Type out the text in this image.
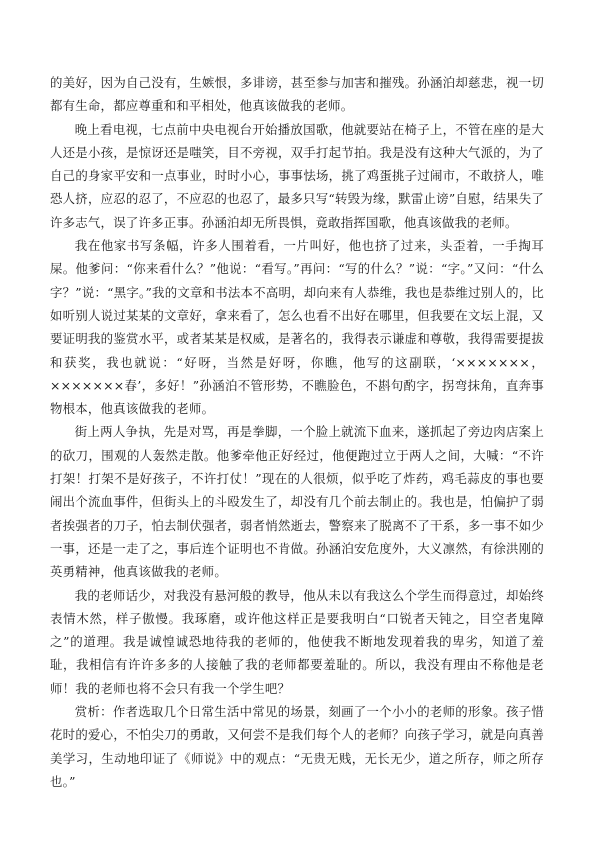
的美好，因为自己没有，生嫉恨，多诽谤，甚至参与加害和摧残。孙涵泊却慈悲，视一切都有生命，都应尊重和和平相处，他真该做我的老师。

晚上看电视，七点前中央电视台开始播放国歌，他就要站在椅子上，不管在座的是大人还是小孩，是惊讶还是嗤笑，目不旁视，双手打起节拍。我是没有这种大气派的，为了自己的身家平安和一点事业，时时小心，事事怯场，挑了鸡蛋挑子过闹市，不敢挤人，唯恐人挤，应忍的忍了，不应忍的也忍了，最多只写“转毁为缘，默雷止谤”自慰，结果失了许多志气，误了许多正事。孙涵泊却无所畏惧，竟敢指挥国歌，他真该做我的老师。

我在他家书写条幅，许多人围着看，一片叫好，他也挤了过来，头歪着，一手掏耳屎。他爹问：“你来看什么？”他说：“看写。”再问：“写的什么？”说：“字。”又问：“什么字？”说：“黑字。”我的文章和书法本不高明，却向来有人恭维，我也是恭维过别人的，比如听别人说过某某的文章好，拿来看了，怎么也看不出好在哪里，但我要在文坛上混，又要证明我的鉴赏水平，或者某某是权威，是著名的，我得表示谦虚和尊敬，我得需要提拔和获奖，我也就说：“好呀，当然是好呀，你瞧，他写的这副联，‘×××××××，×××××××春’，多好！”孙涵泊不管形势，不瞧脸色，不斟句酌字，拐弯抹角，直奔事物根本，他真该做我的老师。

街上两人争执，先是对骂，再是拳脚，一个脸上就流下血来，遂抓起了旁边肉店案上的砍刀，围观的人轰然走散。他爹牵他正好经过，他便跑过立于两人之间，大喊：“不许打架！打架不是好孩子，不许打仗！”现在的人很烦，似乎吃了炸药，鸡毛蒜皮的事也要闹出个流血事件，但街头上的斗殴发生了，却没有几个前去制止的。我也是，怕偏护了弱者挨强者的刀子，怕去制伏强者，弱者悄然逝去，警察来了脱离不了干系，多一事不如少一事，还是一走了之，事后连个证明也不肯做。孙涵泊安危度外，大义凛然，有徐洪刚的英勇精神，他真该做我的老师。

我的老师话少，对我没有悬河般的教导，他从未以有我这么个学生而得意过，却始终表情木然，样子傲慢。我琢磨，或许他这样正是要我明白“口锐者天钝之，目空者鬼障之”的道理。我是诚惶诚恐地待我的老师的，他使我不断地发现着我的卑劣，知道了羞耻，我相信有许许多多的人接触了我的老师都要羞耻的。所以，我没有理由不称他是老师！我的老师也将不会只有我一个学生吧？

赏析：作者选取几个日常生活中常见的场景，刻画了一个小小的老师的形象。孩子惜花时的爱心，不怕尖刀的勇敢，又何尝不是我们每个人的老师？向孩子学习，就是向真善美学习，生动地印证了《师说》中的观点：“无贵无贱，无长无少，道之所存，师之所存也。”
